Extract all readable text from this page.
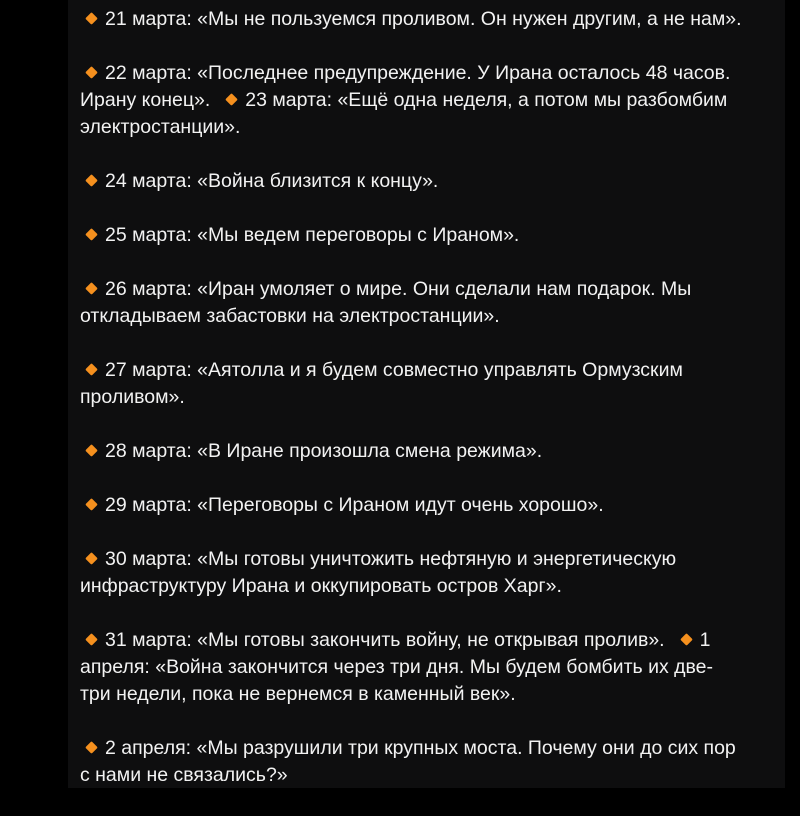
21 марта: «Мы не пользуемся проливом. Он нужен другим, а не нам».
22 марта: «Последнее предупреждение. У Ирана осталось 48 часов.
Ирану конец». 23 марта: «Ещё одна неделя, а потом мы разбомбим
электростанции».
24 марта: «Война близится к концу».
25 марта: «Мы ведем переговоры с Ираном».
26 марта: «Иран умоляет о мире. Они сделали нам подарок. Мы
откладываем забастовки на электростанции».
27 марта: «Аятолла и я будем совместно управлять Ормузским
проливом».
28 марта: «В Иране произошла смена режима».
29 марта: «Переговоры с Ираном идут очень хорошо».
30 марта: «Мы готовы уничтожить нефтяную и энергетическую
инфраструктуру Ирана и оккупировать остров Харг».
31 марта: «Мы готовы закончить войну, не открывая пролив». 1
апреля: «Война закончится через три дня. Мы будем бомбить их две-
три недели, пока не вернемся в каменный век».
2 апреля: «Мы разрушили три крупных моста. Почему они до сих пор
с нами не связались?»
